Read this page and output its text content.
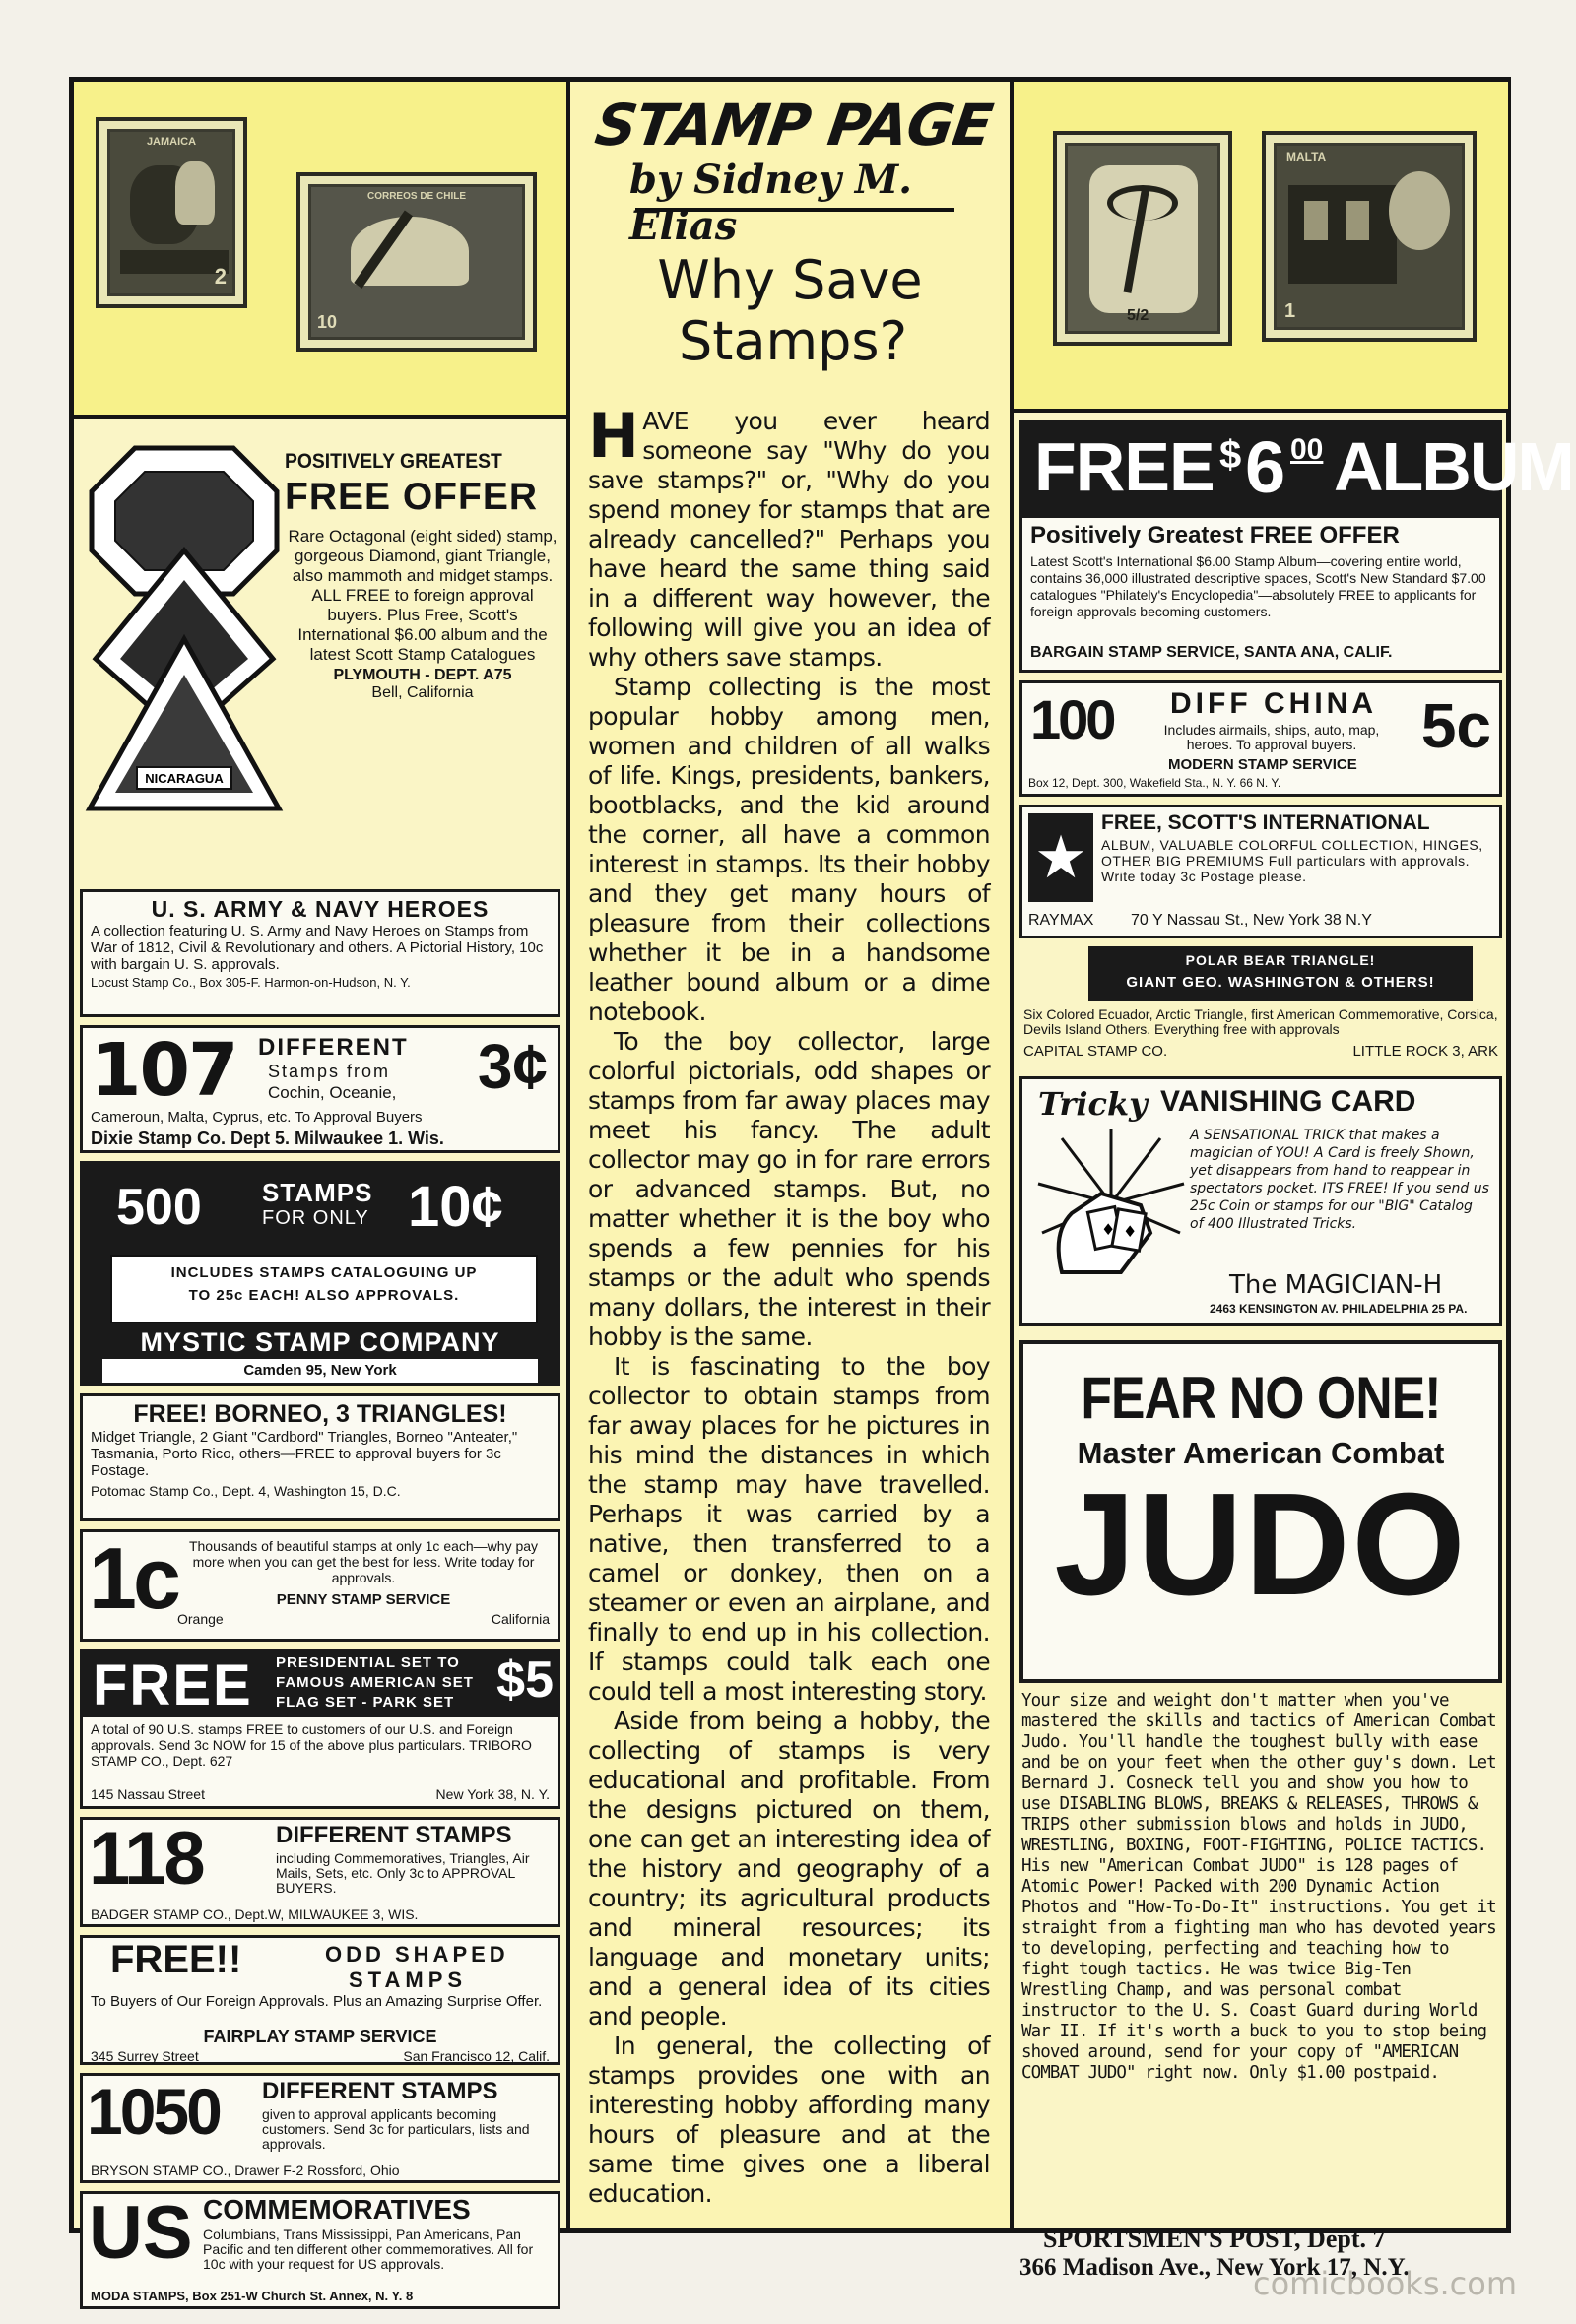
JAMAICA
2
CORREOS DE CHILE
10
NICARAGUA
POSITIVELY GREATEST FREE OFFER
Rare Octagonal (eight sided) stamp, gorgeous Diamond, giant Triangle, also mammoth and midget stamps. ALL FREE to foreign approval buyers. Plus Free, Scott's International $6.00 album and the latest Scott Stamp Catalogues
PLYMOUTH - DEPT. A75
Bell, California
U. S. ARMY & NAVY HEROES
A collection featuring U. S. Army and Navy Heroes on Stamps from War of 1812, Civil & Revolutionary and others. A Pictorial History, 10c with bargain U. S. approvals.
Locust Stamp Co., Box 305-F. Harmon-on-Hudson, N. Y.
107 DIFFERENT
Stamps from
Cochin, Oceanie, 3¢
Cameroun, Malta, Cyprus, etc. To Approval Buyers
Dixie Stamp Co. Dept 5. Milwaukee 1. Wis.
500 STAMPS
FOR ONLY 10¢
INCLUDES STAMPS CATALOGUING UP
TO 25c EACH! ALSO APPROVALS.
MYSTIC STAMP COMPANY
Camden 95, New York
FREE! BORNEO, 3 TRIANGLES!
Midget Triangle, 2 Giant "Cardbord" Triangles, Borneo "Anteater," Tasmania, Porto Rico, others—FREE to approval buyers for 3c Postage.
Potomac Stamp Co., Dept. 4, Washington 15, D.C.
1c Thousands of beautiful stamps at only 1c each—why pay more when you can get the best for less. Write today for approvals.
PENNY STAMP SERVICE
Orange	California
FREE PRESIDENTIAL SET TO
FAMOUS AMERICAN SET
FLAG SET - PARK SET $5
A total of 90 U.S. stamps FREE to customers of our U.S. and Foreign approvals. Send 3c NOW for 15 of the above plus particulars. TRIBORO STAMP CO., Dept. 627
145 Nassau Street	New York 38, N. Y.
118	DIFFERENT STAMPS
including Commemoratives, Triangles, Air Mails, Sets, etc. Only 3c to APPROVAL BUYERS.
BADGER STAMP CO., Dept.W, MILWAUKEE 3, WIS.
FREE!!	ODD SHAPED
STAMPS
To Buyers of Our Foreign Approvals. Plus an Amazing Surprise Offer.
FAIRPLAY STAMP SERVICE
345 Surrey Street	San Francisco 12, Calif.
1050 DIFFERENT STAMPS
given to approval applicants becoming customers. Send 3c for particulars, lists and approvals.
BRYSON STAMP CO., Drawer F-2 Rossford, Ohio
US COMMEMORATIVES
Columbians, Trans Mississippi, Pan Americans, Pan Pacific and ten different other commemoratives. All for 10c with your request for US approvals.
MODA STAMPS, Box 251-W Church St. Annex, N. Y. 8
STAMP PAGE
by Sidney M. Elias
Why Save
Stamps?

HAVE you ever heard someone say "Why do you save stamps?" or, "Why do you spend money for stamps that are already cancelled?" Perhaps you have heard the same thing said in a different way however, the following will give you an idea of why others save stamps.

Stamp collecting is the most popular hobby among men, women and children of all walks of life. Kings, presidents, bankers, bootblacks, and the kid around the corner, all have a common interest in stamps. Its their hobby and they get many hours of pleasure from their collections whether it be in a handsome leather bound album or a dime notebook.

To the boy collector, large colorful pictorials, odd shapes or stamps from far away places may meet his fancy. The adult collector may go in for rare errors or advanced stamps. But, no matter whether it is the boy who spends a few pennies for his stamps or the adult who spends many dollars, the interest in their hobby is the same.

It is fascinating to the boy collector to obtain stamps from far away places for he pictures in his mind the distances in which the stamp may have travelled. Perhaps it was carried by a native, then transferred to a camel or donkey, then on a steamer or even an airplane, and finally to end up in his collection. If stamps could talk each one could tell a most interesting story.

Aside from being a hobby, the collecting of stamps is very educational and profitable. From the designs pictured on them, one can get an interesting idea of the history and geography of a country; its agricultural products and mineral resources; its language and monetary units; and a general idea of its cities and people.

In general, the collecting of stamps provides one with an interesting hobby affording many hours of pleasure and at the same time gives one a liberal education.

5/2
MALTA
1
FREE $ 6 00 ALBUM
Positively Greatest FREE OFFER
Latest Scott's International $6.00 Stamp Album—covering entire world, contains 36,000 illustrated descriptive spaces, Scott's New Standard $7.00 catalogues "Philately's Encyclopedia"—absolutely FREE to applicants for foreign approvals becoming customers.
BARGAIN STAMP SERVICE, SANTA ANA, CALIF.
100 DIFF CHINA
Includes airmails, ships, auto, map, heroes. To approval buyers.
MODERN STAMP SERVICE
Box 12, Dept. 300, Wakefield Sta., N. Y. 66 N. Y.
5c
★
FREE, SCOTT'S INTERNATIONAL
ALBUM, VALUABLE COLORFUL COLLECTION, HINGES, OTHER BIG PREMIUMS Full particulars with approvals. Write today 3c Postage please.
RAYMAX 70 Y Nassau St., New York 38 N.Y
POLAR BEAR TRIANGLE!
GIANT GEO. WASHINGTON & OTHERS!
Six Colored Ecuador, Arctic Triangle, first American Commemorative, Corsica, Devils Island Others. Everything free with approvals
CAPITAL STAMP CO.	LITTLE ROCK 3, ARK
Tricky VANISHING CARD
♦ ♦
A SENSATIONAL TRICK that makes a magician of YOU! A Card is freely Shown, yet disappears from hand to reappear in spectators pocket. ITS FREE! If you send us 25c Coin or stamps for our "BIG" Catalog of 400 Illustrated Tricks.
The MAGICIAN-H
2463 KENSINGTON AV. PHILADELPHIA 25 PA.
FEAR NO ONE!
Master American Combat
JUDO
Your size and weight don't matter when you've mastered the skills and tactics of American Combat Judo. You'll handle the toughest bully with ease and be on your feet when the other guy's down. Let Bernard J. Cosneck tell you and show you how to use DISABLING BLOWS, BREAKS & RELEASES, THROWS & TRIPS other submission blows and holds in JUDO, WRESTLING, BOXING, FOOT-FIGHTING, POLICE TACTICS. His new "American Combat JUDO" is 128 pages of Atomic Power! Packed with 200 Dynamic Action Photos and "How-To-Do-It" instructions. You get it straight from a fighting man who has devoted years to developing, perfecting and teaching how to fight tough tactics. He was twice Big-Ten Wrestling Champ, and was personal combat instructor to the U. S. Coast Guard during World War II. If it's worth a buck to you to stop being shoved around, send for your copy of "AMERICAN COMBAT JUDO" right now. Only $1.00 postpaid.
SPORTSMEN'S POST, Dept. 7
366 Madison Ave., New York 17, N.Y.
comicbooks.com
